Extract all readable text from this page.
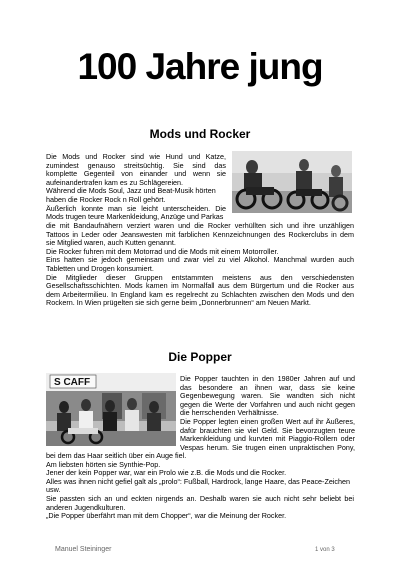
100 Jahre jung
Mods und Rocker

Die Mods und Rocker sind wie Hund und Katze,

zumindest genauso streitsüchtig. Sie sind das

komplette Gegenteil von einander und wenn sie

aufeinandertrafen kam es zu Schlägereien.

Während die Mods Soul, Jazz und Beat-Musik hörten

haben die Rocker Rock n Roll gehört.

Äußerlich konnte man sie leicht unterscheiden. Die

Mods trugen teure Markenkleidung, Anzüge und Parkas

die mit Bandaufnähern verziert waren und die Rocker verhüllten sich und ihre unzähligen

Tattoos in Leder oder Jeanswesten mit farblichen Kennzeichnungen des Rockerclubs in dem

sie Mitglied waren, auch Kutten genannt.

Die Rocker fuhren mit dem Motorrad und die Mods mit einem Motorroller.

Eins hatten sie jedoch gemeinsam und zwar viel zu viel Alkohol. Manchmal wurden auch

Tabletten und Drogen konsumiert.

Die Mitglieder dieser Gruppen entstammten meistens aus den verschiedensten

Gesellschaftsschichten. Mods kamen im Normalfall aus dem Bürgertum und die Rocker aus

dem Arbeitermilieu. In England kam es regelrecht zu Schlachten zwischen den Mods und den

Rockern. In Wien prügelten sie sich gerne beim „Donnerbrunnen“ am Neuen Markt.

Die Popper
S CAFF	Die Popper tauchten in den 1980er Jahren auf und

das besondere an ihnen war, dass sie keine

Gegenbewegung waren. Sie wandten sich nicht

gegen die Werte der Vorfahren und auch nicht gegen

die herrschenden Verhältnisse.

Die Popper legten einen großen Wert auf ihr Äußeres,

dafür brauchten sie viel Geld. Sie bevorzugten teure

Markenkleidung und kurvten mit Piaggio-Rollern oder

Vespas herum. Sie trugen einen unpraktischen Pony,

bei dem das Haar seitlich über ein Auge fiel.

Am liebsten hörten sie Synthie-Pop.

Jener der kein Popper war, war ein Prolo wie z.B. die Mods und die Rocker.

Alles was ihnen nicht gefiel galt als „prolo“: Fußball, Hardrock, lange Haare, das Peace-Zeichen

usw.

Sie passten sich an und eckten nirgends an. Deshalb waren sie auch nicht sehr beliebt bei

anderen Jugendkulturen.

„Die Popper überfährt man mit dem Chopper“, war die Meinung der Rocker.

Manuel Steininger	1 von 3
